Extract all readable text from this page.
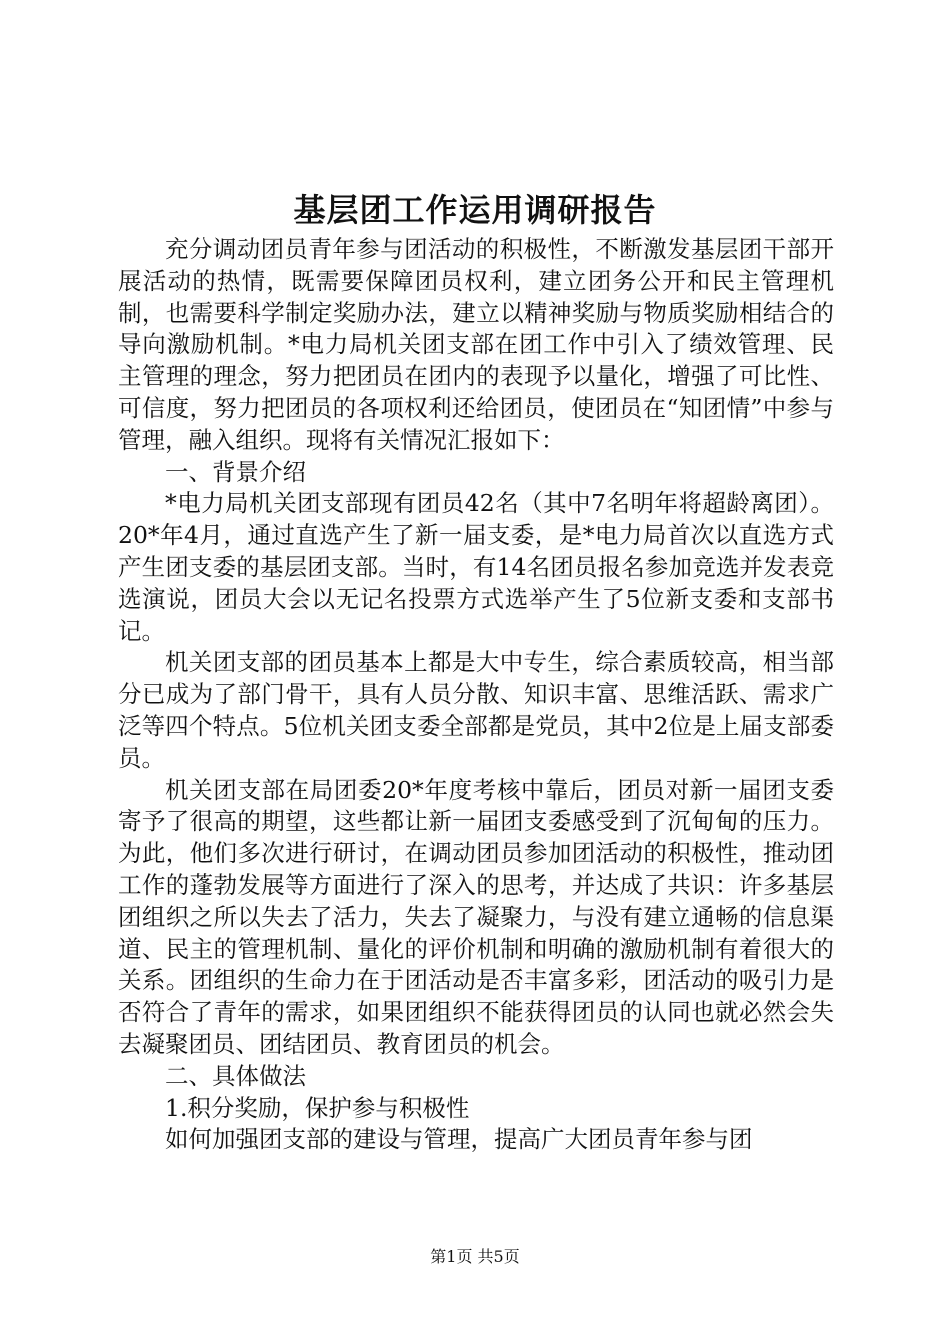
基层团工作运用调研报告

充分调动团员青年参与团活动的积极性，不断激发基层团干部开展活动的热情，既需要保障团员权利，建立团务公开和民主管理机制，也需要科学制定奖励办法，建立以精神奖励与物质奖励相结合的导向激励机制。*电力局机关团支部在团工作中引入了绩效管理、民主管理的理念，努力把团员在团内的表现予以量化，增强了可比性、可信度，努力把团员的各项权利还给团员，使团员在“知团情”中参与管理，融入组织。现将有关情况汇报如下：

一、背景介绍

*电力局机关团支部现有团员42名（其中7名明年将超龄离团）。20*年4月，通过直选产生了新一届支委，是*电力局首次以直选方式产生团支委的基层团支部。当时，有14名团员报名参加竞选并发表竞选演说，团员大会以无记名投票方式选举产生了5位新支委和支部书记。

机关团支部的团员基本上都是大中专生，综合素质较高，相当部分已成为了部门骨干，具有人员分散、知识丰富、思维活跃、需求广泛等四个特点。5位机关团支委全部都是党员，其中2位是上届支部委员。

机关团支部在局团委20*年度考核中靠后，团员对新一届团支委寄予了很高的期望，这些都让新一届团支委感受到了沉甸甸的压力。为此，他们多次进行研讨，在调动团员参加团活动的积极性，推动团工作的蓬勃发展等方面进行了深入的思考，并达成了共识：许多基层团组织之所以失去了活力，失去了凝聚力，与没有建立通畅的信息渠道、民主的管理机制、量化的评价机制和明确的激励机制有着很大的关系。团组织的生命力在于团活动是否丰富多彩，团活动的吸引力是否符合了青年的需求，如果团组织不能获得团员的认同也就必然会失去凝聚团员、团结团员、教育团员的机会。

二、具体做法

1.积分奖励，保护参与积极性

如何加强团支部的建设与管理，提高广大团员青年参与团

第1页 共5页
